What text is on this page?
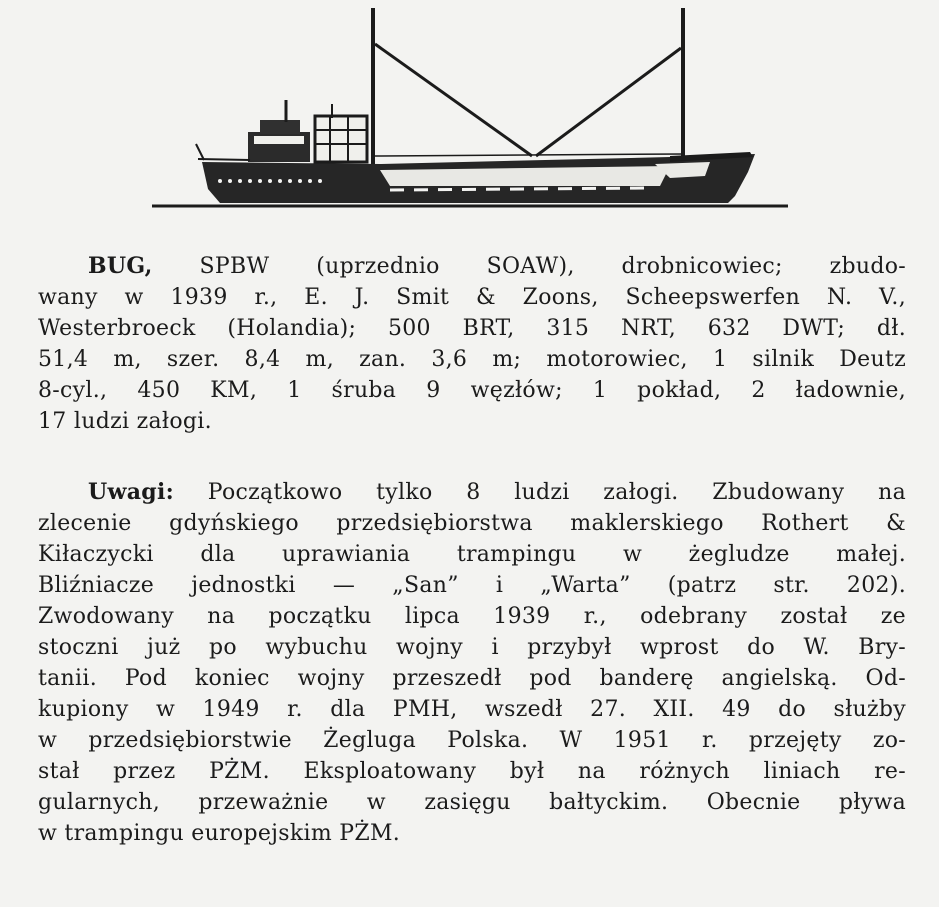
BUG, SPBW (uprzednio SOAW), drobnicowiec; zbudo-
wany w 1939 r., E. J. Smit & Zoons, Scheepswerfen N. V.,
Westerbroeck (Holandia); 500 BRT, 315 NRT, 632 DWT; dł.
51,4 m, szer. 8,4 m, zan. 3,6 m; motorowiec, 1 silnik Deutz
8-cyl., 450 KM, 1 śruba 9 węzłów; 1 pokład, 2 ładownie,
17 ludzi załogi.
Uwagi: Początkowo tylko 8 ludzi załogi. Zbudowany na
zlecenie gdyńskiego przedsiębiorstwa maklerskiego Rothert &
Kiłaczycki dla uprawiania trampingu w żegludze małej.
Bliźniacze jednostki — „San” i „Warta” (patrz str. 202).
Zwodowany na początku lipca 1939 r., odebrany został ze
stoczni już po wybuchu wojny i przybył wprost do W. Bry-
tanii. Pod koniec wojny przeszedł pod banderę angielską. Od-
kupiony w 1949 r. dla PMH, wszedł 27. XII. 49 do służby
w przedsiębiorstwie Żegluga Polska. W 1951 r. przejęty zo-
stał przez PŻM. Eksploatowany był na różnych liniach re-
gularnych, przeważnie w zasięgu bałtyckim. Obecnie pływa
w trampingu europejskim PŻM.
